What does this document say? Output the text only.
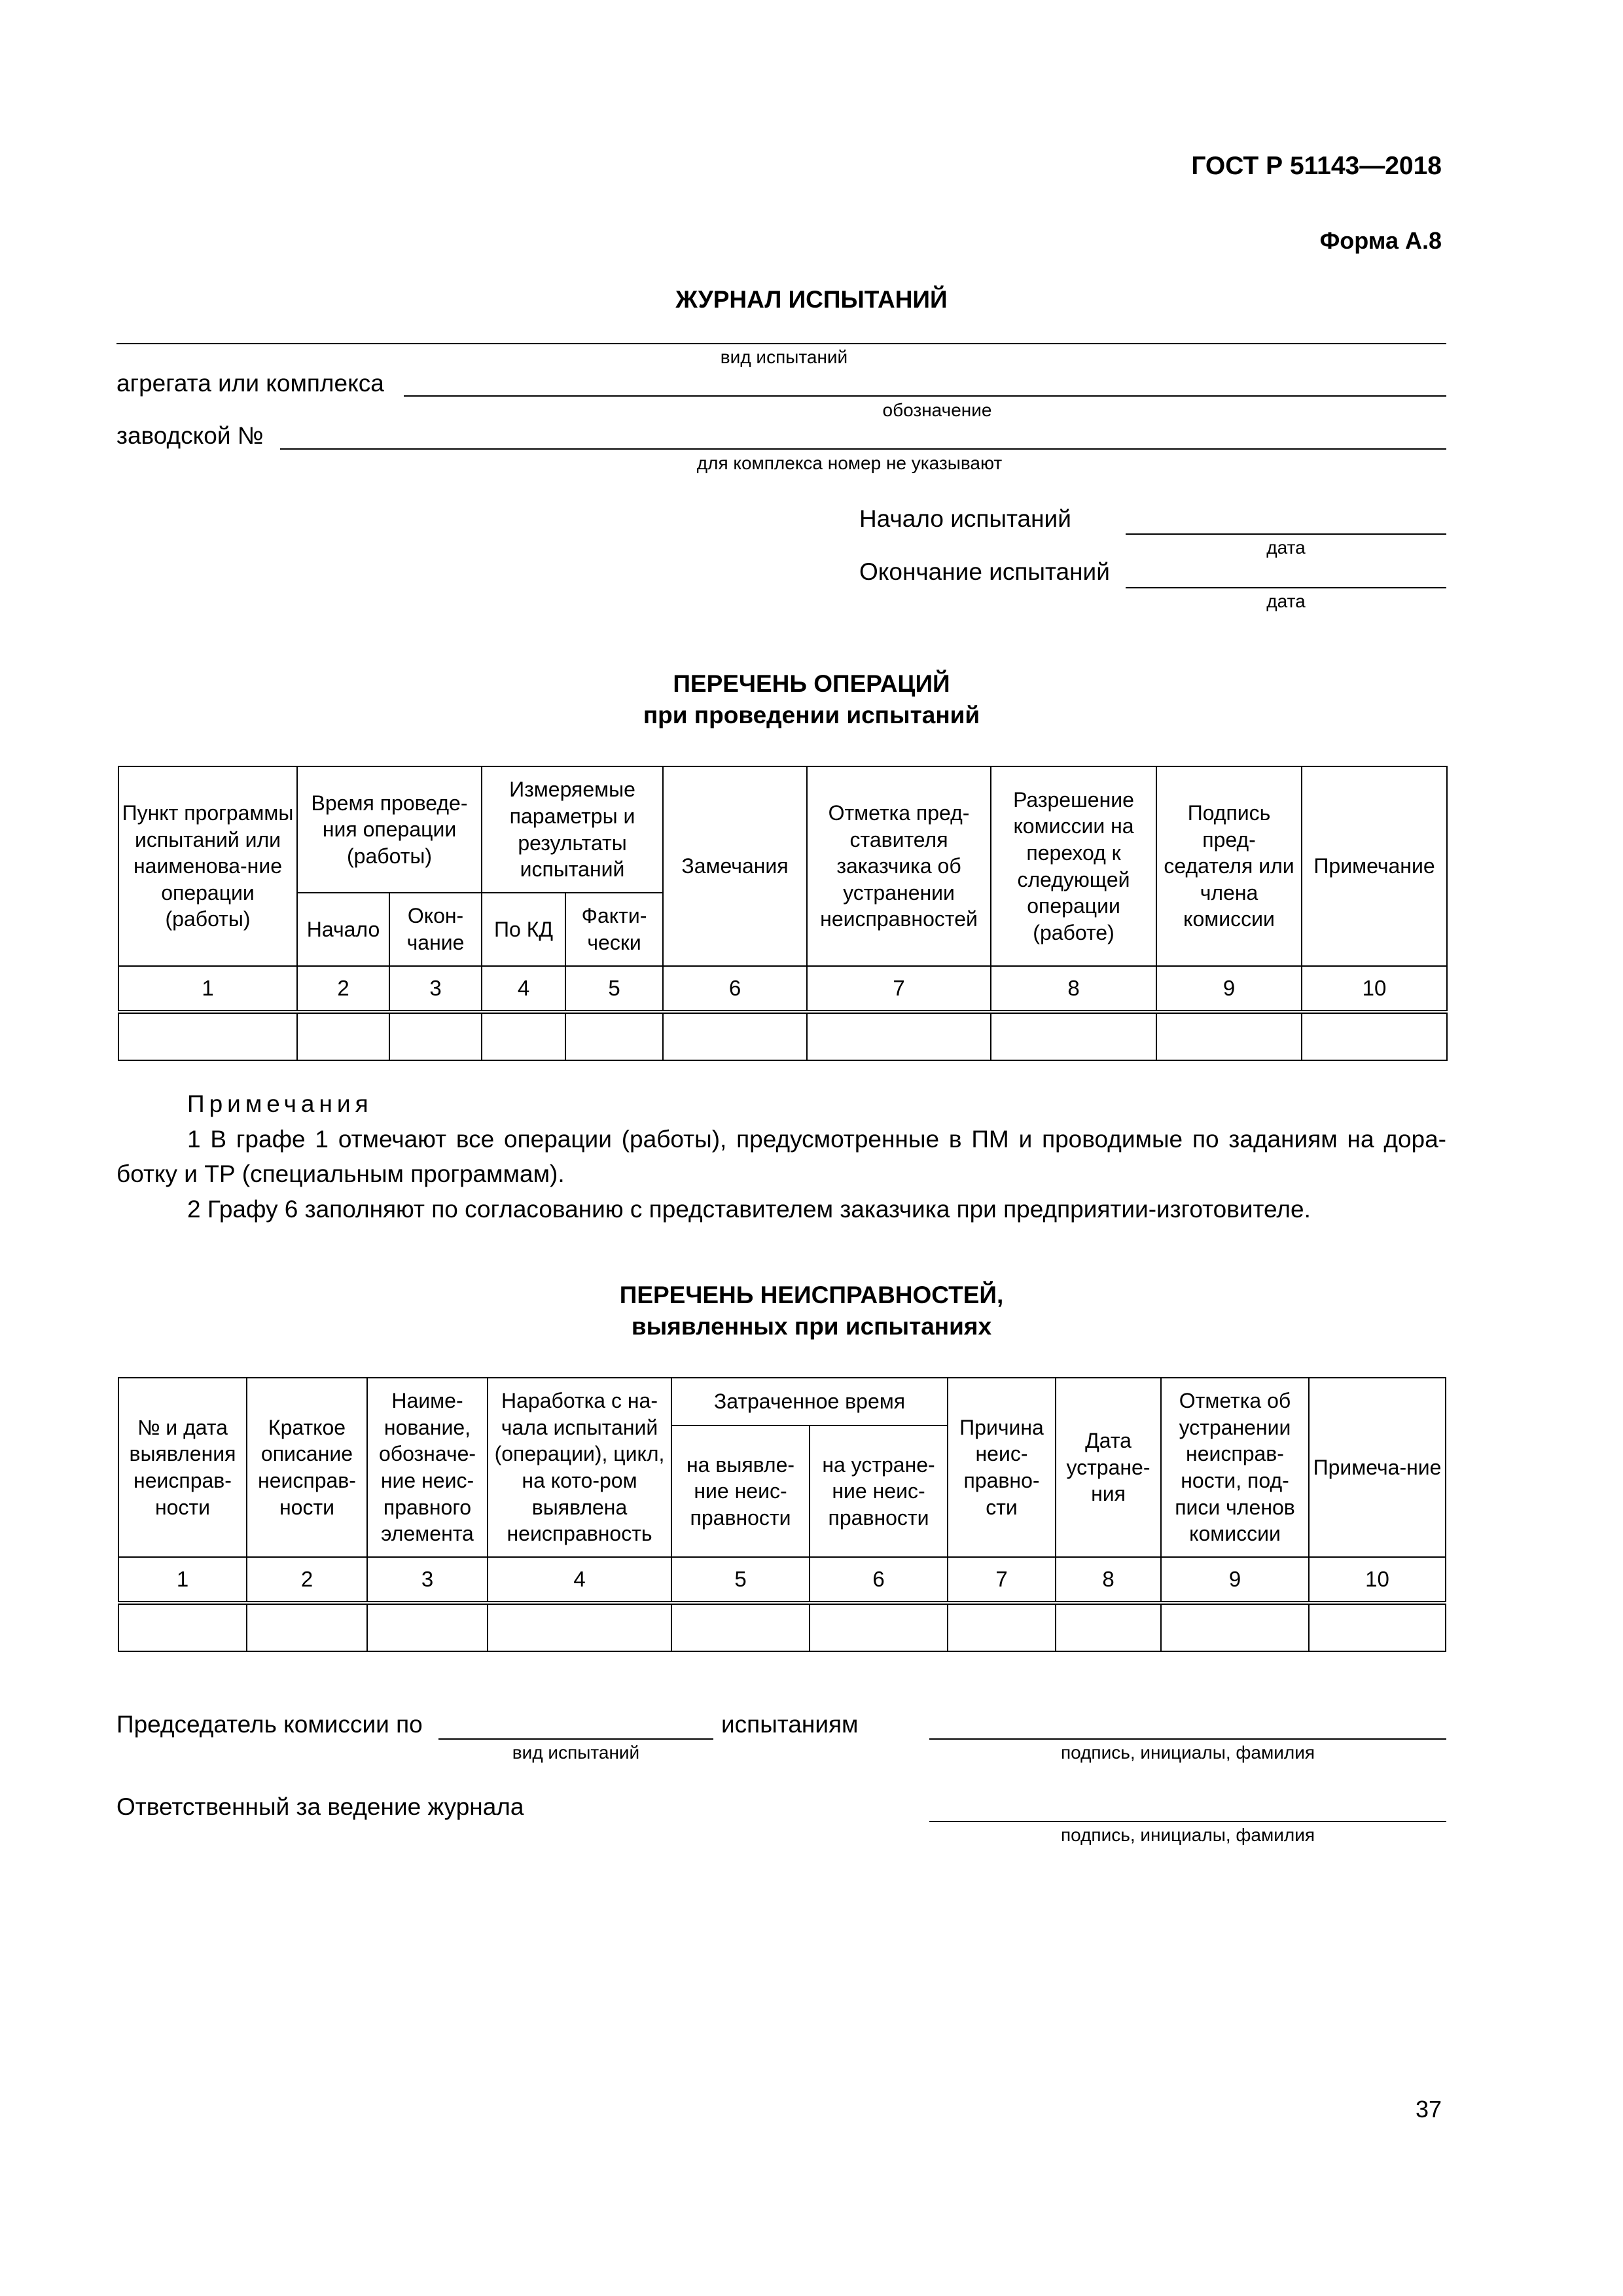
ГОСТ Р 51143—2018
Форма А.8
ЖУРНАЛ ИСПЫТАНИЙ
вид испытаний
агрегата или комплекса
обозначение
заводской №
для комплекса номер не указывают
Начало испытаний
дата
Окончание испытаний
дата
ПЕРЕЧЕНЬ ОПЕРАЦИЙ
при проведении испытаний
Пункт программы испытаний или наименова-ние операции (работы)	Время проведе-ния операции (работы)		Измеряемые параметры и результаты испытаний		Замечания	Отметка пред-ставителя заказчика об устранении неисправностей	Разрешение комиссии на переход к следующей операции (работе)	Подпись пред-седателя или члена комиссии	Примечание
	Начало	Окон-чание	По КД	Факти-чески					
1	2	3	4	5	6	7	8	9	10

Примечания

1 В графе 1 отмечают все операции (работы), предусмотренные в ПМ и проводимые по заданиям на дора-ботку и ТР (специальным программам).

2 Графу 6 заполняют по согласованию с представителем заказчика при предприятии-изготовителе.

ПЕРЕЧЕНЬ НЕИСПРАВНОСТЕЙ,
выявленных при испытаниях
№ и дата выявления неисправ-ности	Краткое описание неисправ-ности	Наиме-нование, обозначе-ние неис-правного элемента	Наработка с на-чала испытаний (операции), цикл, на кото-ром выявлена неисправность	Затраченное время		Причина неис-правно-сти	Дата устране-ния	Отметка об устранении неисправ-ности, под-писи членов комиссии	Примеча-ние
				на выявле-ние неис-правности	на устране-ние неис-правности				
1	2	3	4	5	6	7	8	9	10

Председатель комиссии по
вид испытаний
испытаниям
подпись, инициалы, фамилия
Ответственный за ведение журнала
подпись, инициалы, фамилия
37
